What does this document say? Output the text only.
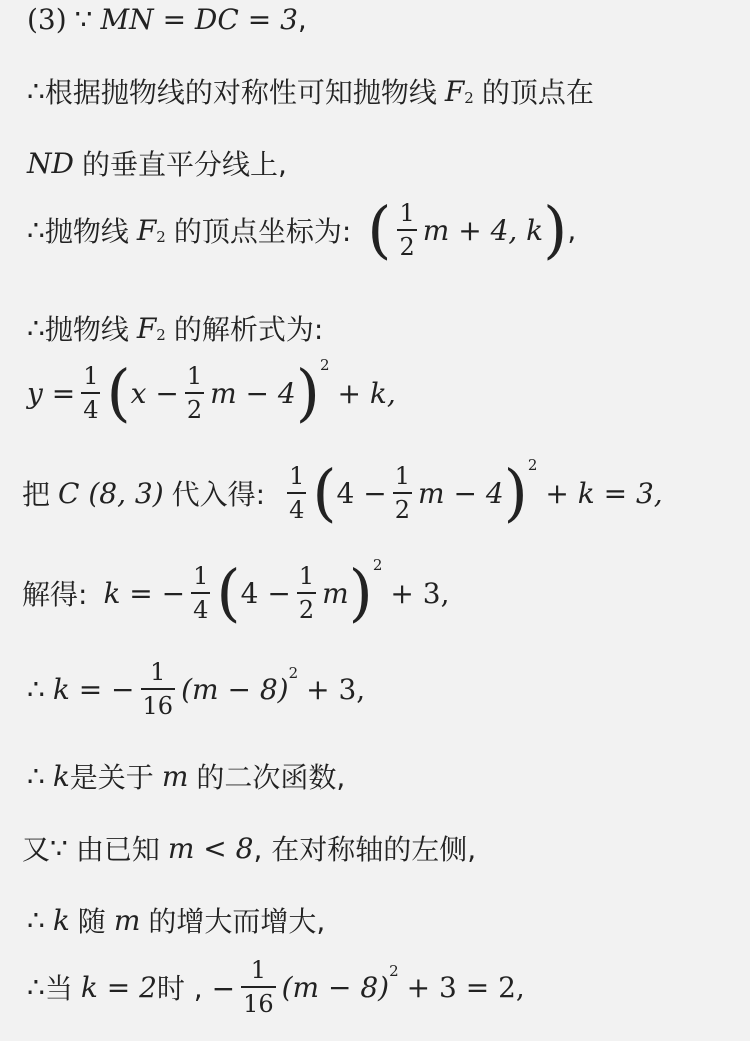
(3) ∵ MN = DC = 3 ,
∴ 根据抛物线的对称性可知抛物线 F 2 的顶点在
ND 的垂直平分线上,
∴ 抛物线 F 2 的顶点坐标为: ( $\frac{1}{2}$ m + 4, k ) ,
∴ 抛物线 F 2 的解析式为:
$y = \frac{1}{4}$ ( $x - \frac{1}{2}$ m − 4 ) 2
+ k,
把 C (8, 3) 代入得: $\frac{1}{4}$ ( $4 - \frac{1}{2}$ m − 4 ) 2
+ k = 3,
解得: k = − $\frac{1}{4}$ ( $4 - \frac{1}{2}$ m ) 2
+ 3,
∴ k = − $\frac{1}{16} (m - 8) 2 + 3$,
∴ k 是关于 m 的二次函数,
又 ∵ 由已知 m < 8 , 在对称轴的左侧,
∴ k 随 m 的增大而增大,
∴ 当 k = 2 时 , − $\frac{1}{16} (m - 8) 2 + 3 = 2$,
